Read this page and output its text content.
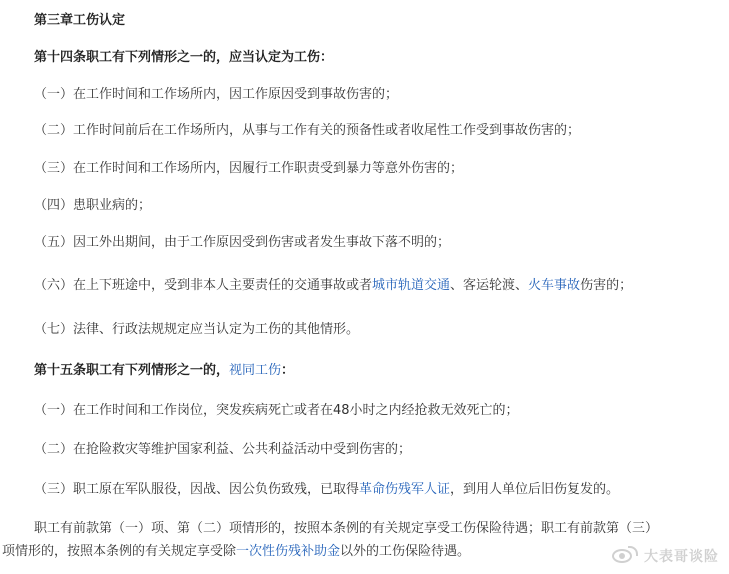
第三章工伤认定
第十四条职工有下列情形之一的，应当认定为工伤：
（一）在工作时间和工作场所内，因工作原因受到事故伤害的；
（二）工作时间前后在工作场所内，从事与工作有关的预备性或者收尾性工作受到事故伤害的；
（三）在工作时间和工作场所内，因履行工作职责受到暴力等意外伤害的；
（四）患职业病的；
（五）因工外出期间，由于工作原因受到伤害或者发生事故下落不明的；
（六）在上下班途中，受到非本人主要责任的交通事故或者城市轨道交通、客运轮渡、火车事故伤害的；
（七）法律、行政法规规定应当认定为工伤的其他情形。
第十五条职工有下列情形之一的，视同工伤：
（一）在工作时间和工作岗位，突发疾病死亡或者在48小时之内经抢救无效死亡的；
（二）在抢险救灾等维护国家利益、公共利益活动中受到伤害的；
（三）职工原在军队服役，因战、因公负伤致残，已取得革命伤残军人证，到用人单位后旧伤复发的。
职工有前款第（一）项、第（二）项情形的，按照本条例的有关规定享受工伤保险待遇；职工有前款第（三）
项情形的，按照本条例的有关规定享受除一次性伤残补助金以外的工伤保险待遇。	大表哥谈险
